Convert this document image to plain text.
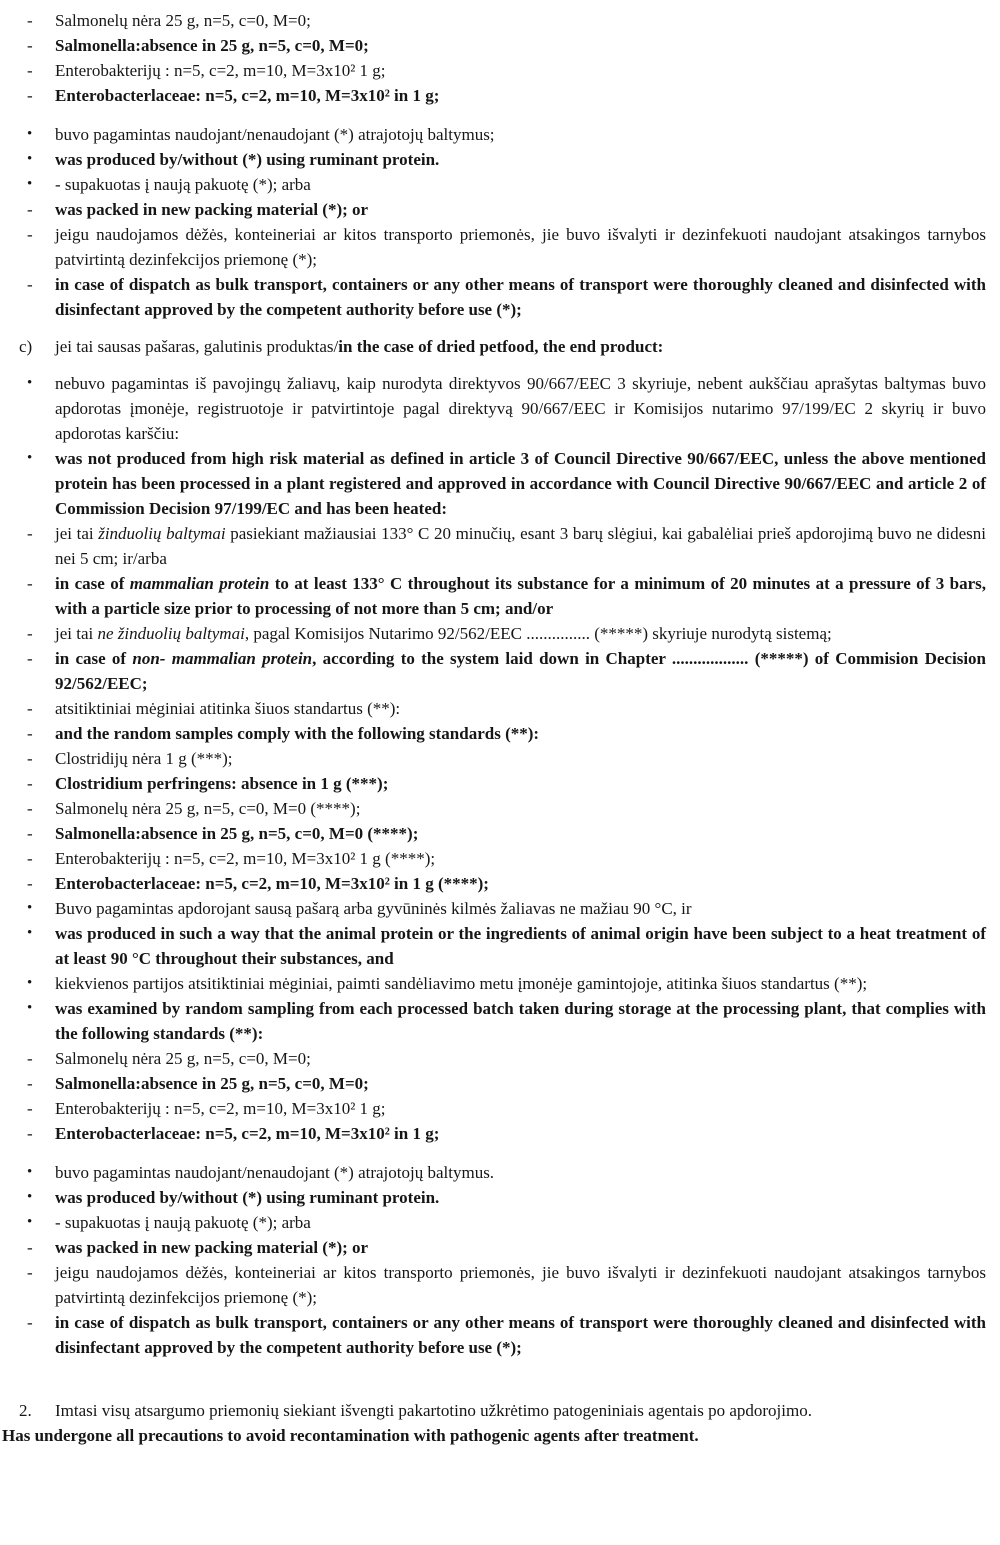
- Salmonelų nėra 25 g, n=5, c=0, M=0;
- Salmonella:absence in 25 g, n=5, c=0, M=0;
- Enterobakterijų : n=5, c=2, m=10, M=3x10² 1 g;
- Enterobacterlaceae: n=5, c=2, m=10, M=3x10² in 1 g;
• buvo pagamintas naudojant/nenaudojant (*) atrajotojų baltymus;
• was produced by/without (*) using ruminant protein.
• - supakuotas į naują pakuotę (*); arba
- was packed in new packing material (*); or
- jeigu naudojamos dėžės, konteineriai ar kitos transporto priemonės, jie buvo išvalyti ir dezinfekuoti naudojant atsakingos tarnybos patvirtintą dezinfekcijos priemonę (*);
- in case of dispatch as bulk transport, containers or any other means of transport were thoroughly cleaned and disinfected with disinfectant approved by the competent authority before use (*);
c) jei tai sausas pašaras, galutinis produktas/in the case of dried petfood, the end product:
• nebuvo pagamintas iš pavojingų žaliavų, kaip nurodyta direktyvos 90/667/EEC 3 skyriuje, nebent aukščiau aprašytas baltymas buvo apdorotas įmonėje, registruotoje ir patvirtintoje pagal direktyvą 90/667/EEC ir Komisijos nutarimo 97/199/EC 2 skyrių ir buvo apdorotas karščiu:
• was not produced from high risk material as defined in article 3 of Council Directive 90/667/EEC, unless the above mentioned protein has been processed in a plant registered and approved in accordance with Council Directive 90/667/EEC and article 2 of Commission Decision 97/199/EC and has been heated:
- jei tai žinduolių baltymai pasiekiant mažiausiai 133° C 20 minučių, esant 3 barų slėgiui, kai gabalėliai prieš apdorojimą buvo ne didesni nei 5 cm; ir/arba
- in case of mammalian protein to at least 133° C throughout its substance for a minimum of 20 minutes at a pressure of 3 bars, with a particle size prior to processing of not more than 5 cm; and/or
- jei tai ne žinduolių baltymai, pagal Komisijos Nutarimo 92/562/EEC ............... (*****) skyriuje nurodytą sistemą;
- in case of non- mammalian protein, according to the system laid down in Chapter .................. (*****) of Commision Decision 92/562/EEC;
- atsitiktiniai mėginiai atitinka šiuos standartus (**):
- and the random samples comply with the following standards (**):
- Clostridijų nėra 1 g (***);
- Clostridium perfringens: absence in 1 g (***);
- Salmonelų nėra 25 g, n=5, c=0, M=0 (****);
- Salmonella:absence in 25 g, n=5, c=0, M=0 (****);
- Enterobakterijų : n=5, c=2, m=10, M=3x10² 1 g (****);
- Enterobacterlaceae: n=5, c=2, m=10, M=3x10² in 1 g (****);
• Buvo pagamintas apdorojant sausą pašarą arba gyvūninės kilmės žaliavas ne mažiau 90 °C, ir
• was produced in such a way that the animal protein or the ingredients of animal origin have been subject to a heat treatment of at least 90 °C throughout their substances, and
• kiekvienos partijos atsitiktiniai mėginiai, paimti sandėliavimo metu įmonėje gamintojoje, atitinka šiuos standartus (**);
• was examined by random sampling from each processed batch taken during storage at the processing plant, that complies with the following standards (**):
- Salmonelų nėra 25 g, n=5, c=0, M=0;
- Salmonella:absence in 25 g, n=5, c=0, M=0;
- Enterobakterijų : n=5, c=2, m=10, M=3x10² 1 g;
- Enterobacterlaceae: n=5, c=2, m=10, M=3x10² in 1 g;
• buvo pagamintas naudojant/nenaudojant (*) atrajotojų baltymus.
• was produced by/without (*) using ruminant protein.
• - supakuotas į naują pakuotę (*); arba
- was packed in new packing material (*); or
- jeigu naudojamos dėžės, konteineriai ar kitos transporto priemonės, jie buvo išvalyti ir dezinfekuoti naudojant atsakingos tarnybos patvirtintą dezinfekcijos priemonę (*);
- in case of dispatch as bulk transport, containers or any other means of transport were thoroughly cleaned and disinfected with disinfectant approved by the competent authority before use (*);
2. Imtasi visų atsargumo priemonių siekiant išvengti pakartotino užkrėtimo patogeniniais agentais po apdorojimo.
Has undergone all precautions to avoid recontamination with pathogenic agents after treatment.
